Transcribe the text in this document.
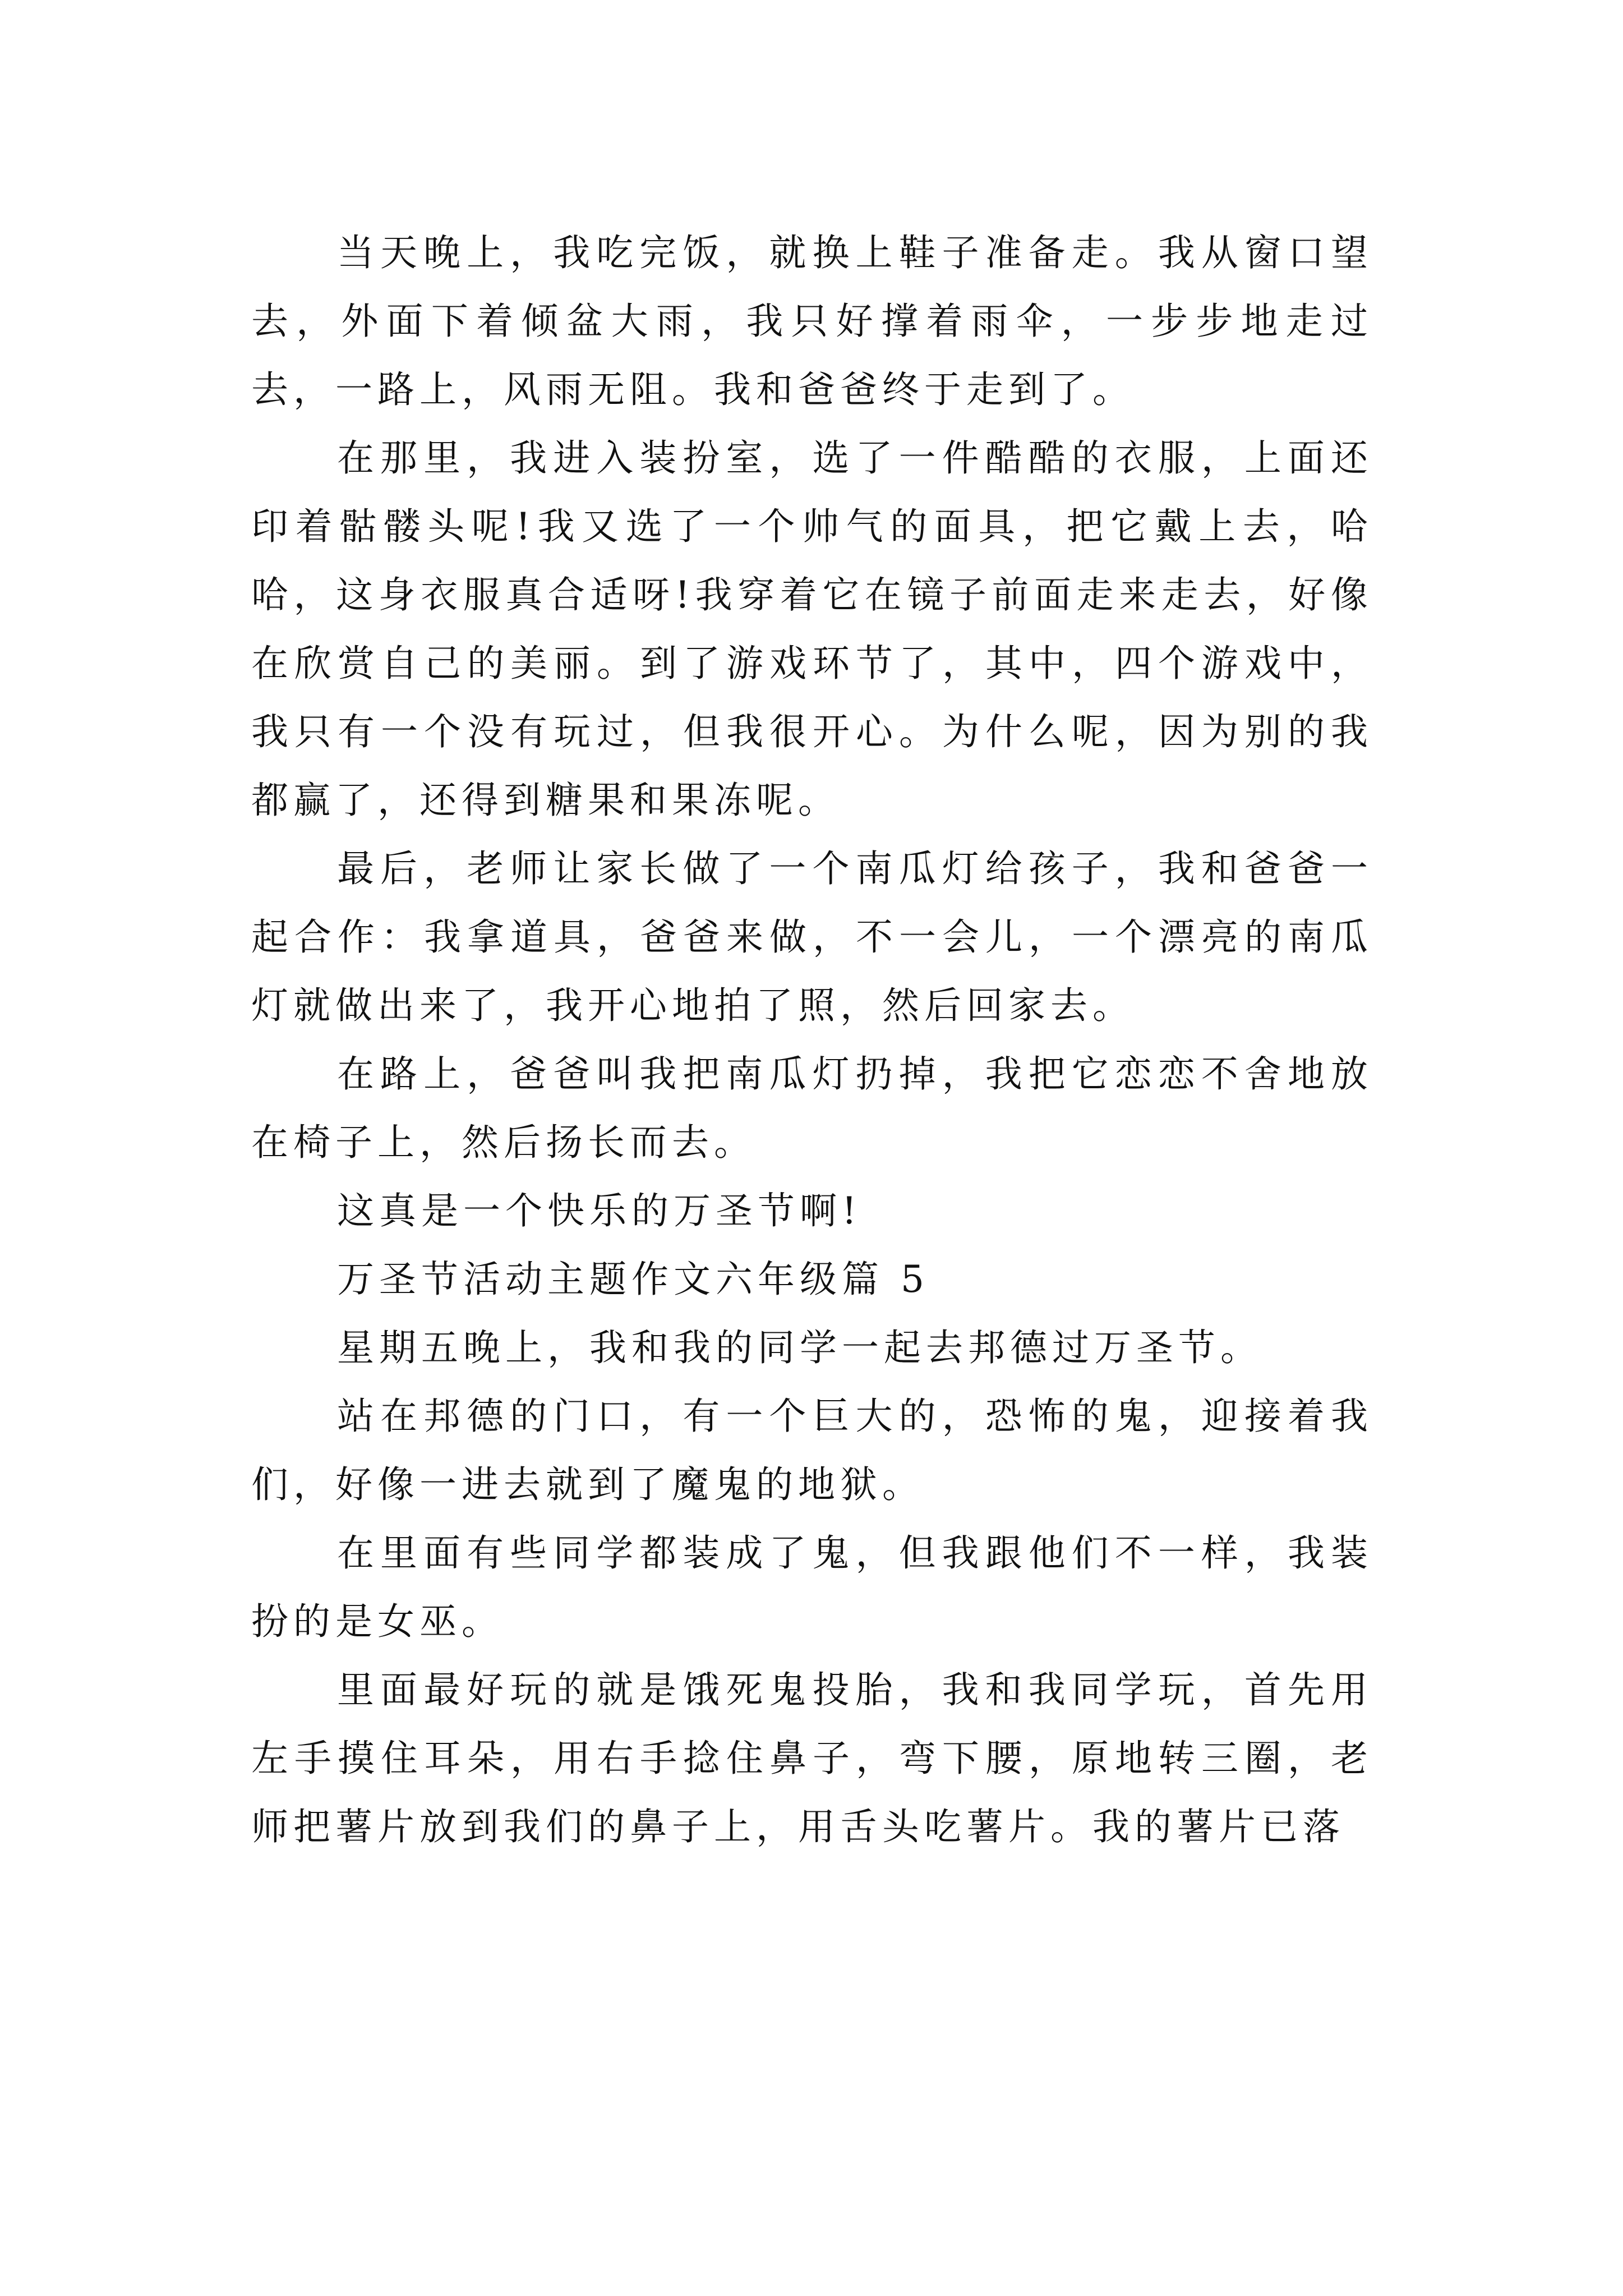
当天晚上，我吃完饭，就换上鞋子准备走。我从窗口望去，外面下着倾盆大雨，我只好撑着雨伞，一步步地走过去，一路上，风雨无阻。我和爸爸终于走到了。

在那里，我进入装扮室，选了一件酷酷的衣服，上面还印着骷髅头呢!我又选了一个帅气的面具，把它戴上去，哈哈，这身衣服真合适呀!我穿着它在镜子前面走来走去，好像在欣赏自己的美丽。到了游戏环节了，其中，四个游戏中，我只有一个没有玩过，但我很开心。为什么呢，因为别的我都赢了，还得到糖果和果冻呢。

最后，老师让家长做了一个南瓜灯给孩子，我和爸爸一起合作：我拿道具，爸爸来做，不一会儿，一个漂亮的南瓜灯就做出来了，我开心地拍了照，然后回家去。

在路上，爸爸叫我把南瓜灯扔掉，我把它恋恋不舍地放在椅子上，然后扬长而去。

这真是一个快乐的万圣节啊!

万圣节活动主题作文六年级篇 5

星期五晚上，我和我的同学一起去邦德过万圣节。

站在邦德的门口，有一个巨大的，恐怖的鬼，迎接着我们，好像一进去就到了魔鬼的地狱。

在里面有些同学都装成了鬼，但我跟他们不一样，我装扮的是女巫。

里面最好玩的就是饿死鬼投胎，我和我同学玩，首先用左手摸住耳朵，用右手捻住鼻子，弯下腰，原地转三圈，老师把薯片放到我们的鼻子上，用舌头吃薯片。我的薯片已落
